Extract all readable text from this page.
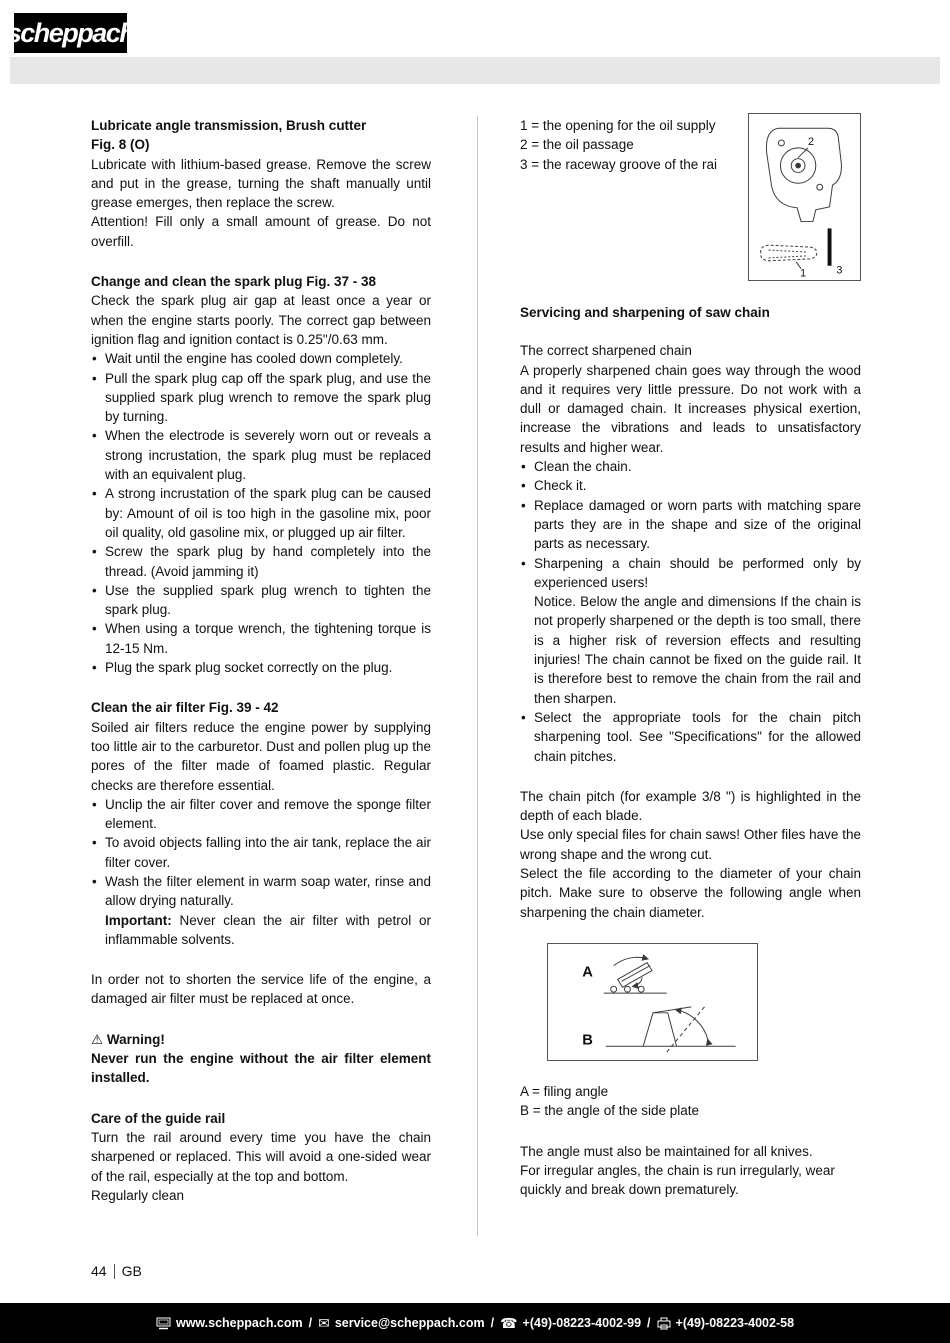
scheppach
Lubricate angle transmission, Brush cutter
Fig. 8 (O)

Lubricate with lithium-based grease. Remove the screw and put in the grease, turning the shaft manually until grease emerges, then replace the screw.

Attention! Fill only a small amount of grease. Do not overfill.

Change and clean the spark plug Fig. 37 - 38

Check the spark plug air gap at least once a year or when the engine starts poorly. The correct gap between ignition flag and ignition contact is 0.25"/0.63 mm.

• Wait until the engine has cooled down completely.
• Pull the spark plug cap off the spark plug, and use the supplied spark plug wrench to remove the spark plug by turning.
• When the electrode is severely worn out or reveals a strong incrustation, the spark plug must be replaced with an equivalent plug.
• A strong incrustation of the spark plug can be caused by: Amount of oil is too high in the gasoline mix, poor oil quality, old gasoline mix, or plugged up air filter.
• Screw the spark plug by hand completely into the thread. (Avoid jamming it)
• Use the supplied spark plug wrench to tighten the spark plug.
• When using a torque wrench, the tightening torque is 12-15 Nm.
• Plug the spark plug socket correctly on the plug.
Clean the air filter Fig. 39 - 42

Soiled air filters reduce the engine power by supplying too little air to the carburetor. Dust and pollen plug up the pores of the filter made of foamed plastic. Regular checks are therefore essential.

• Unclip the air filter cover and remove the sponge filter element.
• To avoid objects falling into the air tank, replace the air filter cover.
• Wash the filter element in warm soap water, rinse and allow drying naturally.
Important: Never clean the air filter with petrol or inflammable solvents.

In order not to shorten the service life of the engine, a damaged air filter must be replaced at once.

⚠ Warning!

Never run the engine without the air filter element installed.

Care of the guide rail

Turn the rail around every time you have the chain sharpened or replaced. This will avoid a one-sided wear of the rail, especially at the top and bottom.

Regularly clean

1 = the opening for the oil supply
2 = the oil passage
3 = the raceway groove of the rai
2
1	3
Servicing and sharpening of saw chain

The correct sharpened chain

A properly sharpened chain goes way through the wood and it requires very little pressure. Do not work with a dull or damaged chain. It increases physical exertion, increase the vibrations and leads to unsatisfactory results and higher wear.

• Clean the chain.
• Check it.
• Replace damaged or worn parts with matching spare parts they are in the shape and size of the original parts as necessary.
• Sharpening a chain should be performed only by experienced users!
Notice. Below the angle and dimensions If the chain is not properly sharpened or the depth is too small, there is a higher risk of reversion effects and resulting injuries! The chain cannot be fixed on the guide rail. It is therefore best to remove the chain from the rail and then sharpen.
• Select the appropriate tools for the chain pitch sharpening tool. See "Specifications" for the allowed chain pitches.

The chain pitch (for example 3/8 ") is highlighted in the depth of each blade.

Use only special files for chain saws! Other files have the wrong shape and the wrong cut.

Select the file according to the diameter of your chain pitch. Make sure to observe the following angle when sharpening the chain diameter.

A
B
A = filing angle
B = the angle of the side plate

The angle must also be maintained for all knives.

For irregular angles, the chain is run irregularly, wear quickly and break down prematurely.

44 GB
www.scheppach.com / ✉ service@scheppach.com / ☎ +(49)-08223-4002-99 / +(49)-08223-4002-58
